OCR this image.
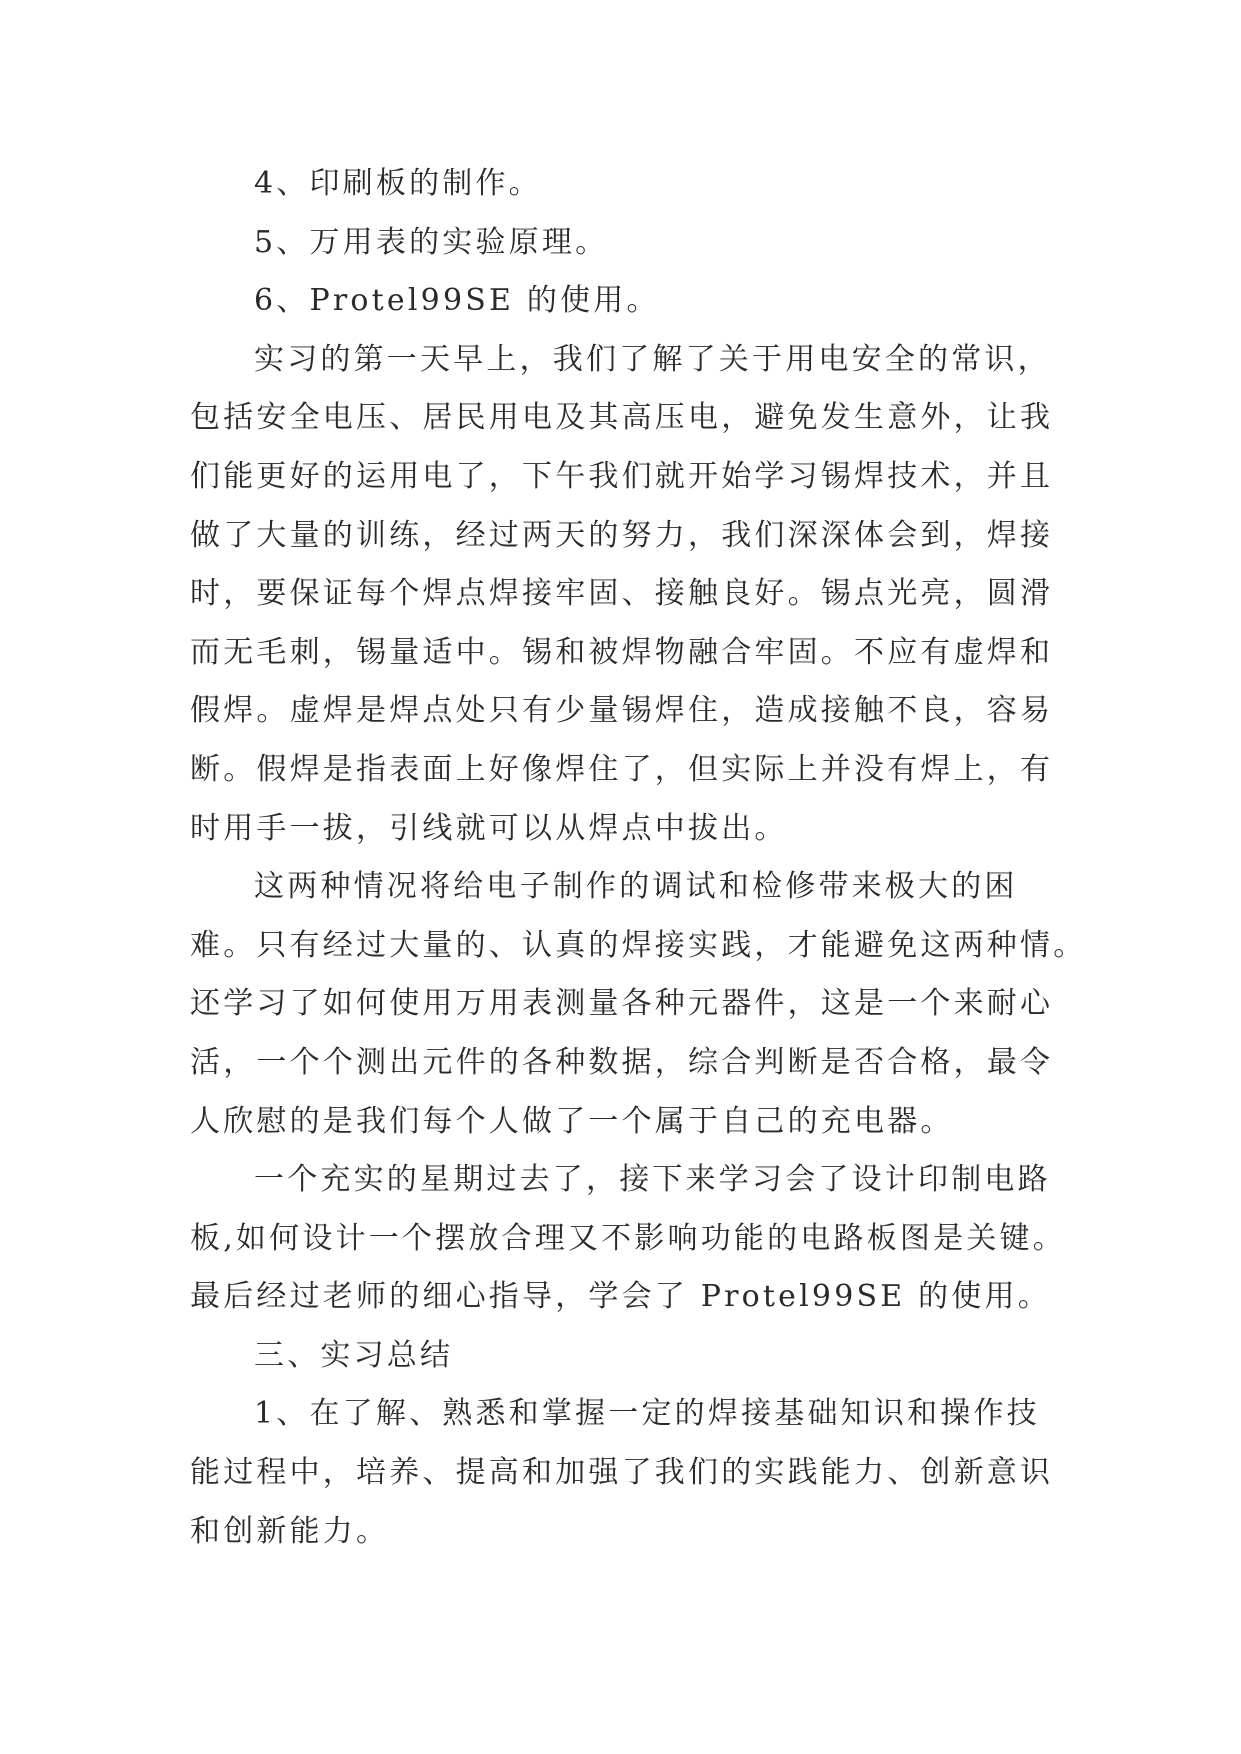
4、印刷板的制作。
5、万用表的实验原理。
6、Protel99SE 的使用。
实习的第一天早上，我们了解了关于用电安全的常识，
包括安全电压、居民用电及其高压电，避免发生意外，让我
们能更好的运用电了，下午我们就开始学习锡焊技术，并且
做了大量的训练，经过两天的努力，我们深深体会到，焊接
时，要保证每个焊点焊接牢固、接触良好。锡点光亮，圆滑
而无毛刺，锡量适中。锡和被焊物融合牢固。不应有虚焊和
假焊。虚焊是焊点处只有少量锡焊住，造成接触不良，容易
断。假焊是指表面上好像焊住了，但实际上并没有焊上，有
时用手一拔，引线就可以从焊点中拔出。
这两种情况将给电子制作的调试和检修带来极大的困
难。只有经过大量的、认真的焊接实践，才能避免这两种情。
还学习了如何使用万用表测量各种元器件，这是一个来耐心
活，一个个测出元件的各种数据，综合判断是否合格，最令
人欣慰的是我们每个人做了一个属于自己的充电器。
一个充实的星期过去了，接下来学习会了设计印制电路
板,如何设计一个摆放合理又不影响功能的电路板图是关键。
最后经过老师的细心指导，学会了 Protel99SE 的使用。
三、实习总结
1、在了解、熟悉和掌握一定的焊接基础知识和操作技
能过程中，培养、提高和加强了我们的实践能力、创新意识
和创新能力。
